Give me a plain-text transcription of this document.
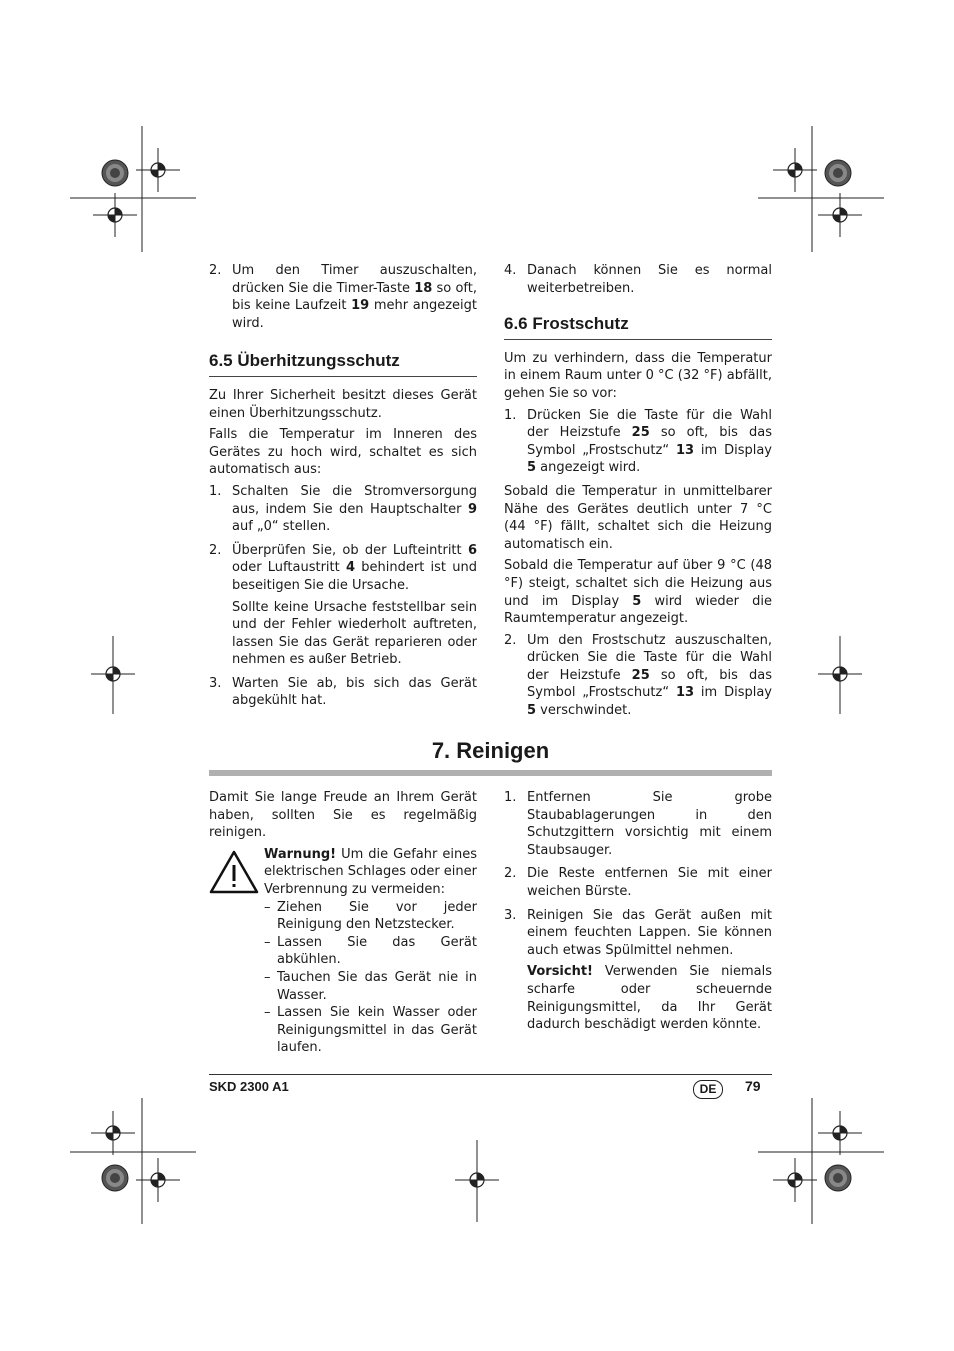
2. Um den Timer auszuschalten, drücken Sie die Timer-Taste 18 so oft, bis keine Laufzeit 19 mehr angezeigt wird.
6.5 Überhitzungsschutz

Zu Ihrer Sicherheit besitzt dieses Gerät einen Überhitzungsschutz.

Falls die Temperatur im Inneren des Gerätes zu hoch wird, schaltet es sich automatisch aus:

1. Schalten Sie die Stromversorgung aus, indem Sie den Hauptschalter 9 auf „0“ stellen.
2. Überprüfen Sie, ob der Lufteintritt 6 oder Luftaustritt 4 behindert ist und beseitigen Sie die Ursache.
Sollte keine Ursache feststellbar sein und der Fehler wiederholt auftreten, lassen Sie das Gerät reparieren oder nehmen es außer Betrieb.
3. Warten Sie ab, bis sich das Gerät abgekühlt hat.
4. Danach können Sie es normal weiterbetreiben.
6.6 Frostschutz

Um zu verhindern, dass die Temperatur in einem Raum unter 0 °C (32 °F) abfällt, gehen Sie so vor:

1. Drücken Sie die Taste für die Wahl der Heizstufe 25 so oft, bis das Symbol „Frostschutz“ 13 im Display 5 angezeigt wird.

Sobald die Temperatur in unmittelbarer Nähe des Gerätes deutlich unter 7 °C (44 °F) fällt, schaltet sich die Heizung automatisch ein.

Sobald die Temperatur auf über 9 °C (48 °F) steigt, schaltet sich die Heizung aus und im Display 5 wird wieder die Raumtemperatur angezeigt.

2. Um den Frostschutz auszuschalten, drücken Sie die Taste für die Wahl der Heizstufe 25 so oft, bis das Symbol „Frostschutz“ 13 im Display 5 verschwindet.
7. Reinigen

Damit Sie lange Freude an Ihrem Gerät haben, sollten Sie es regelmäßig reinigen.

Warnung! Um die Gefahr eines elektrischen Schlages oder einer Verbrennung zu vermeiden:
– Ziehen Sie vor jeder Reinigung den Netzstecker.
– Lassen Sie das Gerät abkühlen.
– Tauchen Sie das Gerät nie in Wasser.
– Lassen Sie kein Wasser oder Reinigungsmittel in das Gerät laufen.
1. Entfernen Sie grobe Staubablagerungen in den Schutzgittern vorsichtig mit einem Staubsauger.
2. Die Reste entfernen Sie mit einer weichen Bürste.
3. Reinigen Sie das Gerät außen mit einem feuchten Lappen. Sie können auch etwas Spülmittel nehmen.
Vorsicht! Verwenden Sie niemals scharfe oder scheuernde Reinigungsmittel, da Ihr Gerät dadurch beschädigt werden könnte.
SKD 2300 A1	DE	79
